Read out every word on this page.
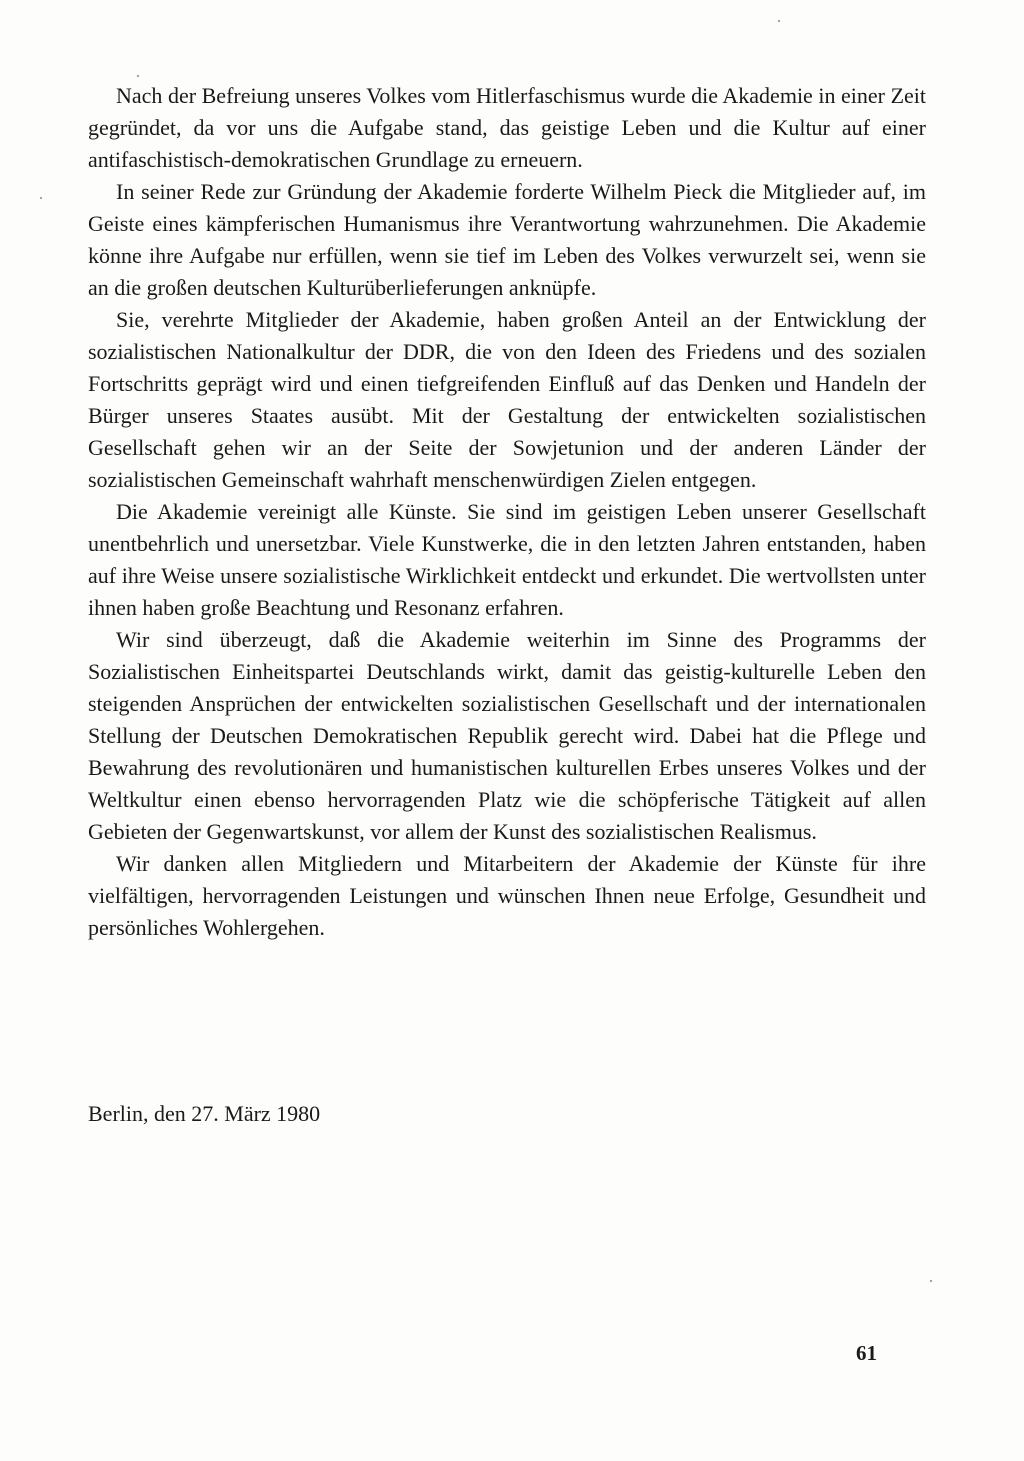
Nach der Befreiung unseres Volkes vom Hitlerfaschismus wurde die Akademie in einer Zeit gegründet, da vor uns die Aufgabe stand, das geistige Leben und die Kultur auf einer antifaschistisch-demokratischen Grundlage zu erneuern.

In seiner Rede zur Gründung der Akademie forderte Wilhelm Pieck die Mitglieder auf, im Geiste eines kämpferischen Humanismus ihre Verantwortung wahrzunehmen. Die Akademie könne ihre Aufgabe nur erfüllen, wenn sie tief im Leben des Volkes verwurzelt sei, wenn sie an die großen deutschen Kulturüberlieferungen anknüpfe.

Sie, verehrte Mitglieder der Akademie, haben großen Anteil an der Entwicklung der sozialistischen Nationalkultur der DDR, die von den Ideen des Friedens und des sozialen Fortschritts geprägt wird und einen tiefgreifenden Einfluß auf das Denken und Handeln der Bürger unseres Staates ausübt. Mit der Gestaltung der entwickelten sozialistischen Gesellschaft gehen wir an der Seite der Sowjetunion und der anderen Länder der sozialistischen Gemeinschaft wahrhaft menschenwürdigen Zielen entgegen.

Die Akademie vereinigt alle Künste. Sie sind im geistigen Leben unserer Gesellschaft unentbehrlich und unersetzbar. Viele Kunstwerke, die in den letzten Jahren entstanden, haben auf ihre Weise unsere sozialistische Wirklichkeit entdeckt und erkundet. Die wertvollsten unter ihnen haben große Beachtung und Resonanz erfahren.

Wir sind überzeugt, daß die Akademie weiterhin im Sinne des Programms der Sozialistischen Einheitspartei Deutschlands wirkt, damit das geistig-kulturelle Leben den steigenden Ansprüchen der entwickelten sozialistischen Gesellschaft und der internationalen Stellung der Deutschen Demokratischen Republik gerecht wird. Dabei hat die Pflege und Bewahrung des revolutionären und humanistischen kulturellen Erbes unseres Volkes und der Weltkultur einen ebenso hervorragenden Platz wie die schöpferische Tätigkeit auf allen Gebieten der Gegenwartskunst, vor allem der Kunst des sozialistischen Realismus.

Wir danken allen Mitgliedern und Mitarbeitern der Akademie der Künste für ihre vielfältigen, hervorragenden Leistungen und wünschen Ihnen neue Erfolge, Gesundheit und persönliches Wohlergehen.

Berlin, den 27. März 1980

61
